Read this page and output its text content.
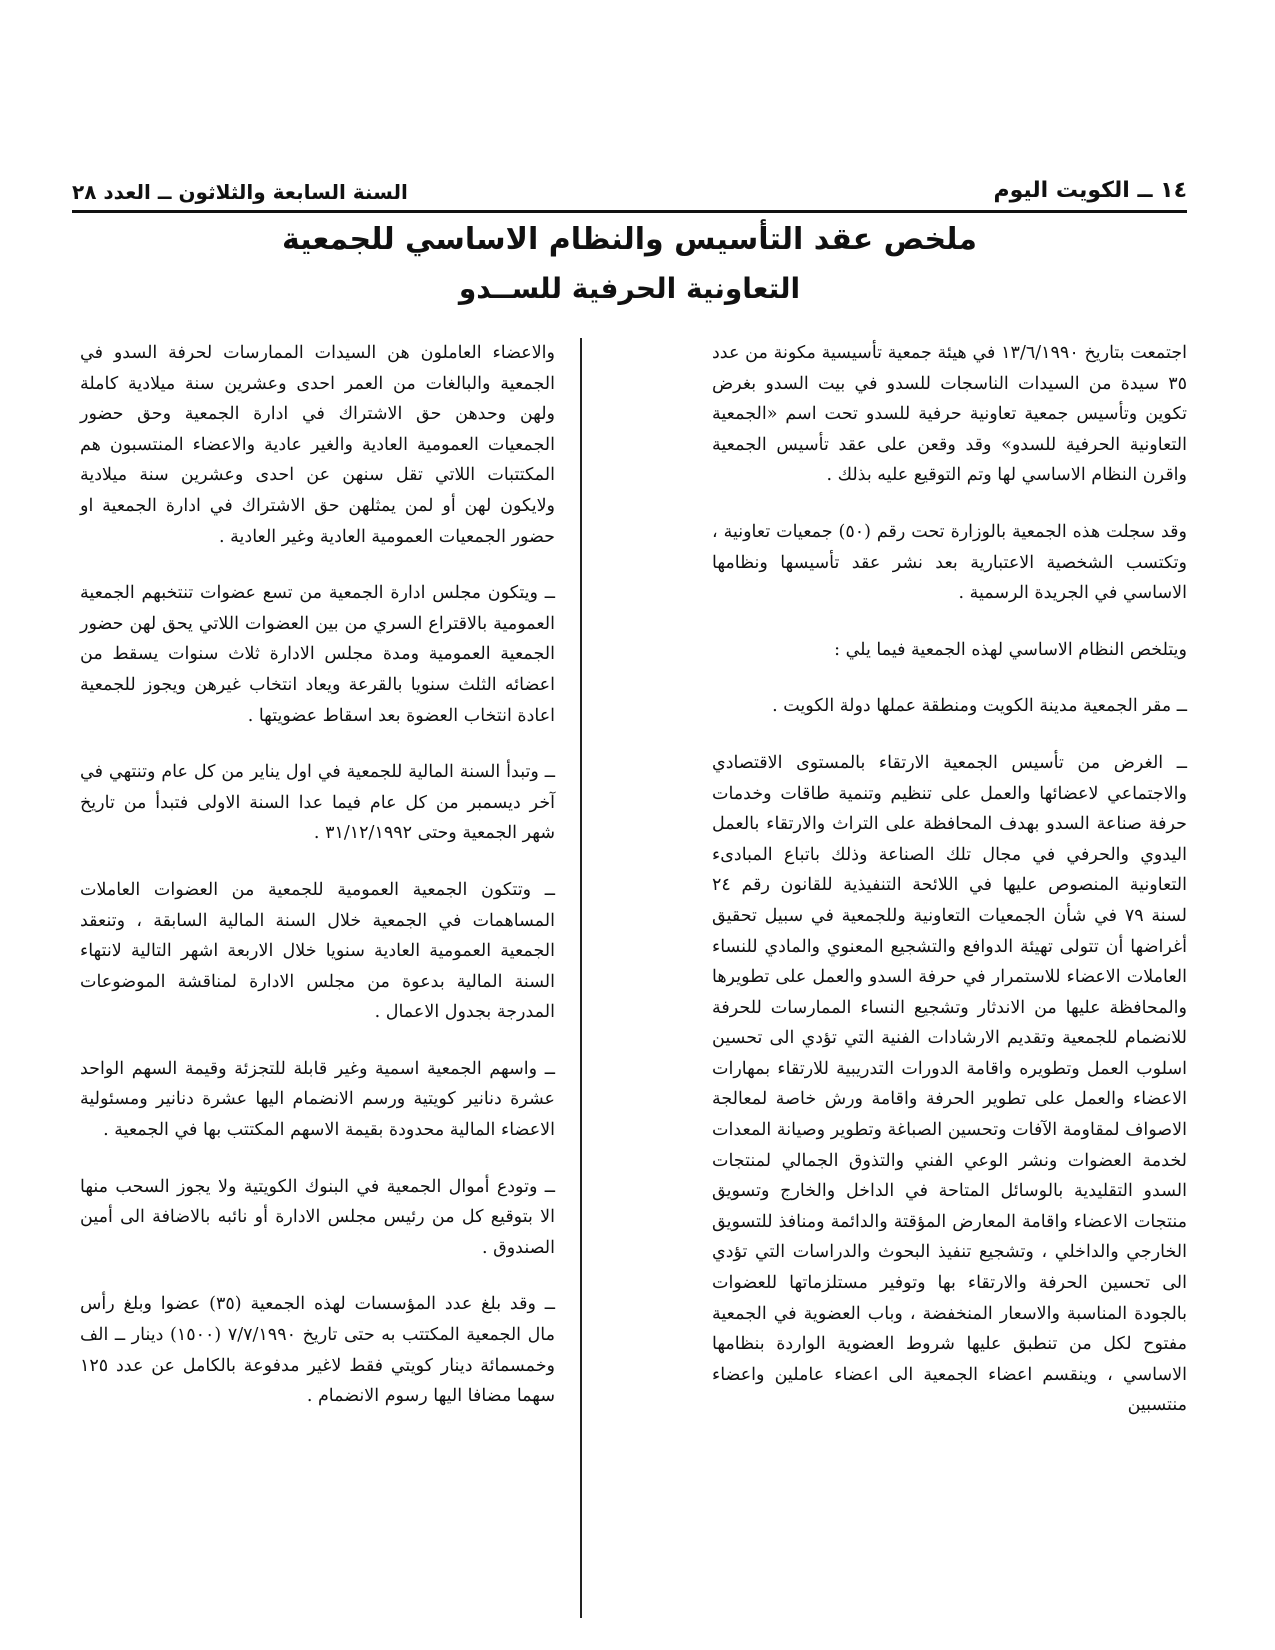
١٤ ــ الكويت اليوم
السنة السابعة والثلاثون ــ العدد ٢٨
ملخص عقد التأسيس والنظام الاساسي للجمعية
التعاونية الحرفية للســدو

اجتمعت بتاريخ ١٣/٦/١٩٩٠ في هيئة جمعية تأسيسية مكونة من عدد ٣٥ سيدة من السيدات الناسجات للسدو في بيت السدو بغرض تكوين وتأسيس جمعية تعاونية حرفية للسدو تحت اسم «الجمعية التعاونية الحرفية للسدو» وقد وقعن على عقد تأسيس الجمعية واقرن النظام الاساسي لها وتم التوقيع عليه بذلك .

وقد سجلت هذه الجمعية بالوزارة تحت رقم (٥٠) جمعيات تعاونية ، وتكتسب الشخصية الاعتبارية بعد نشر عقد تأسيسها ونظامها الاساسي في الجريدة الرسمية .

ويتلخص النظام الاساسي لهذه الجمعية فيما يلي :

ــ مقر الجمعية مدينة الكويت ومنطقة عملها دولة الكويت .

ــ الغرض من تأسيس الجمعية الارتقاء بالمستوى الاقتصادي والاجتماعي لاعضائها والعمل على تنظيم وتنمية طاقات وخدمات حرفة صناعة السدو بهدف المحافظة على التراث والارتقاء بالعمل اليدوي والحرفي في مجال تلك الصناعة وذلك باتباع المبادىء التعاونية المنصوص عليها في اللائحة التنفيذية للقانون رقم ٢٤ لسنة ٧٩ في شأن الجمعيات التعاونية وللجمعية في سبيل تحقيق أغراضها أن تتولى تهيئة الدوافع والتشجيع المعنوي والمادي للنساء العاملات الاعضاء للاستمرار في حرفة السدو والعمل على تطويرها والمحافظة عليها من الاندثار وتشجيع النساء الممارسات للحرفة للانضمام للجمعية وتقديم الارشادات الفنية التي تؤدي الى تحسين اسلوب العمل وتطويره واقامة الدورات التدريبية للارتقاء بمهارات الاعضاء والعمل على تطوير الحرفة واقامة ورش خاصة لمعالجة الاصواف لمقاومة الآفات وتحسين الصباغة وتطوير وصيانة المعدات لخدمة العضوات ونشر الوعي الفني والتذوق الجمالي لمنتجات السدو التقليدية بالوسائل المتاحة في الداخل والخارج وتسويق منتجات الاعضاء واقامة المعارض المؤقتة والدائمة ومنافذ للتسويق الخارجي والداخلي ، وتشجيع تنفيذ البحوث والدراسات التي تؤدي الى تحسين الحرفة والارتقاء بها وتوفير مستلزماتها للعضوات بالجودة المناسبة والاسعار المنخفضة ، وباب العضوية في الجمعية مفتوح لكل من تنطبق عليها شروط العضوية الواردة بنظامها الاساسي ، وينقسم اعضاء الجمعية الى اعضاء عاملين واعضاء منتسبين

والاعضاء العاملون هن السيدات الممارسات لحرفة السدو في الجمعية والبالغات من العمر احدى وعشرين سنة ميلادية كاملة ولهن وحدهن حق الاشتراك في ادارة الجمعية وحق حضور الجمعيات العمومية العادية والغير عادية والاعضاء المنتسبون هم المكتتبات اللاتي تقل سنهن عن احدى وعشرين سنة ميلادية ولايكون لهن أو لمن يمثلهن حق الاشتراك في ادارة الجمعية او حضور الجمعيات العمومية العادية وغير العادية .

ــ ويتكون مجلس ادارة الجمعية من تسع عضوات تنتخبهم الجمعية العمومية بالاقتراع السري من بين العضوات اللاتي يحق لهن حضور الجمعية العمومية ومدة مجلس الادارة ثلاث سنوات يسقط من اعضائه الثلث سنويا بالقرعة ويعاد انتخاب غيرهن ويجوز للجمعية اعادة انتخاب العضوة بعد اسقاط عضويتها .

ــ وتبدأ السنة المالية للجمعية في اول يناير من كل عام وتنتهي في آخر ديسمبر من كل عام فيما عدا السنة الاولى فتبدأ من تاريخ شهر الجمعية وحتى ٣١/١٢/١٩٩٢ .

ــ وتتكون الجمعية العمومية للجمعية من العضوات العاملات المساهمات في الجمعية خلال السنة المالية السابقة ، وتنعقد الجمعية العمومية العادية سنويا خلال الاربعة اشهر التالية لانتهاء السنة المالية بدعوة من مجلس الادارة لمناقشة الموضوعات المدرجة بجدول الاعمال .

ــ واسهم الجمعية اسمية وغير قابلة للتجزئة وقيمة السهم الواحد عشرة دنانير كويتية ورسم الانضمام اليها عشرة دنانير ومسئولية الاعضاء المالية محدودة بقيمة الاسهم المكتتب بها في الجمعية .

ــ وتودع أموال الجمعية في البنوك الكويتية ولا يجوز السحب منها الا بتوقيع كل من رئيس مجلس الادارة أو نائبه بالاضافة الى أمين الصندوق .

ــ وقد بلغ عدد المؤسسات لهذه الجمعية (٣٥) عضوا وبلغ رأس مال الجمعية المكتتب به حتى تاريخ ٧/٧/١٩٩٠ (١٥٠٠) دينار ــ الف وخمسمائة دينار كويتي فقط لاغير مدفوعة بالكامل عن عدد ١٢٥ سهما مضافا اليها رسوم الانضمام .
